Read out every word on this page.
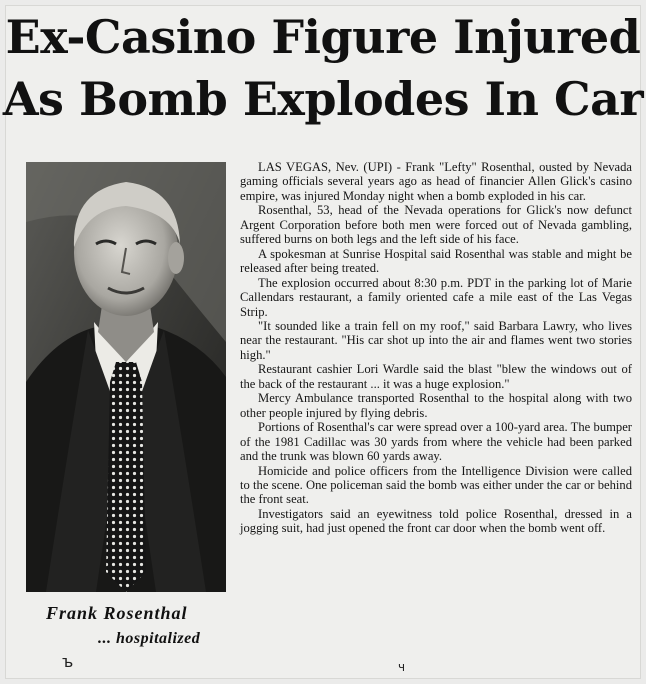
Ex-Casino Figure Injured
As Bomb Explodes In Car
Frank Rosenthal
... hospitalized

LAS VEGAS, Nev. (UPI) - Frank "Lefty" Rosenthal, ousted by Nevada gaming officials several years ago as head of financier Allen Glick's casino empire, was injured Monday night when a bomb exploded in his car.

Rosenthal, 53, head of the Nevada operations for Glick's now defunct Argent Corporation before both men were forced out of Nevada gambling, suffered burns on both legs and the left side of his face.

A spokesman at Sunrise Hospital said Rosenthal was stable and might be released after being treated.

The explosion occurred about 8:30 p.m. PDT in the parking lot of Marie Callendars restaurant, a family oriented cafe a mile east of the Las Vegas Strip.

"It sounded like a train fell on my roof," said Barbara Lawry, who lives near the restaurant. "His car shot up into the air and flames went two stories high."

Restaurant cashier Lori Wardle said the blast "blew the windows out of the back of the restaurant ... it was a huge explosion."

Mercy Ambulance transported Rosenthal to the hospital along with two other people injured by flying debris.

Portions of Rosenthal's car were spread over a 100-yard area. The bumper of the 1981 Cadillac was 30 yards from where the vehicle had been parked and the trunk was blown 60 yards away.

Homicide and police officers from the Intelligence Division were called to the scene. One policeman said the bomb was either under the car or behind the front seat.

Investigators said an eyewitness told police Rosenthal, dressed in a jogging suit, had just opened the front car door when the bomb went off.

ъ	ч
